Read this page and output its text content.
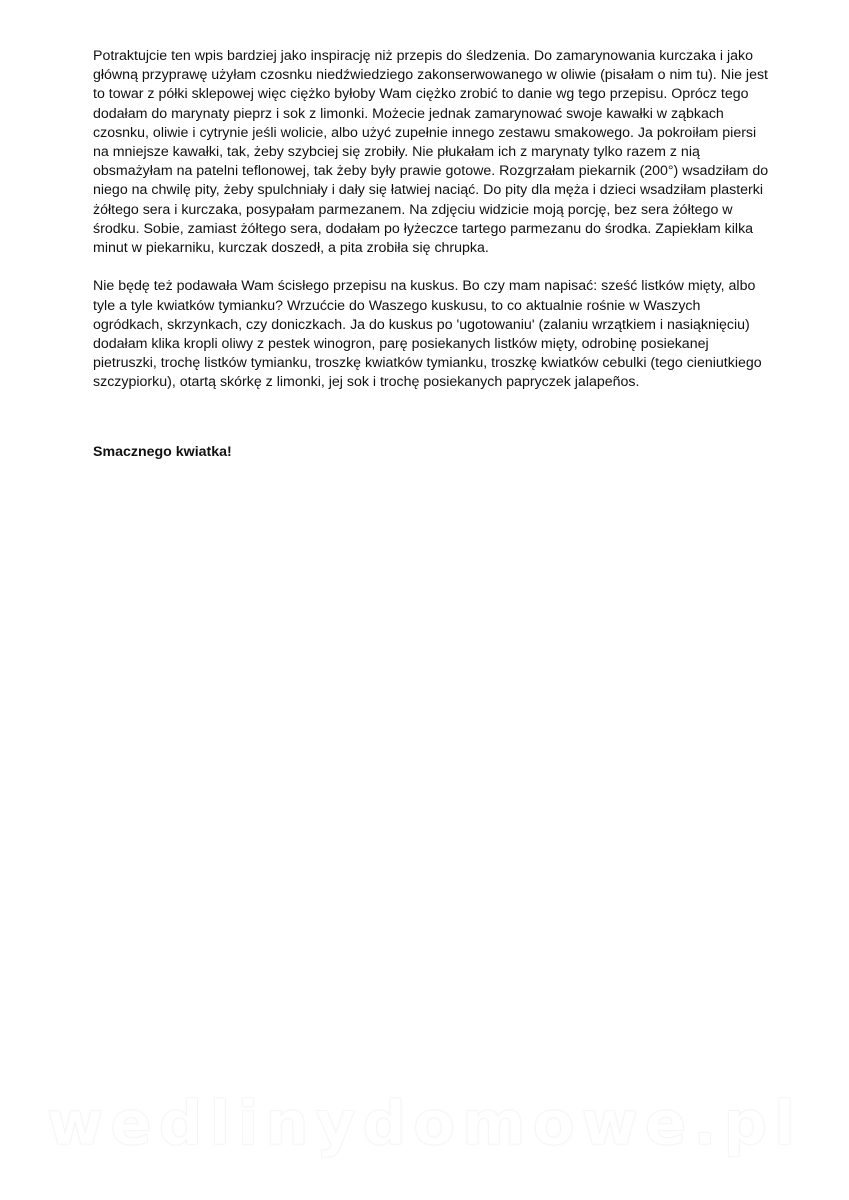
Potraktujcie ten wpis bardziej jako inspirację niż przepis do śledzenia. Do zamarynowania kurczaka i jako główną przyprawę użyłam czosnku niedźwiedziego zakonserwowanego w oliwie (pisałam o nim tu). Nie jest to towar z półki sklepowej więc ciężko byłoby Wam ciężko zrobić to danie wg tego przepisu. Oprócz tego dodałam do marynaty pieprz i sok z limonki. Możecie jednak zamarynować swoje kawałki w ząbkach czosnku, oliwie i cytrynie jeśli wolicie, albo użyć zupełnie innego zestawu smakowego. Ja pokroiłam piersi na mniejsze kawałki, tak, żeby szybciej się zrobiły. Nie płukałam ich z marynaty tylko razem z nią obsmażyłam na patelni teflonowej, tak żeby były prawie gotowe. Rozgrzałam piekarnik (200°) wsadziłam do niego na chwilę pity, żeby spulchniały i dały się łatwiej naciąć. Do pity dla męża i dzieci wsadziłam plasterki żółtego sera i kurczaka, posypałam parmezanem. Na zdjęciu widzicie moją porcję, bez sera żółtego w środku. Sobie, zamiast żółtego sera, dodałam po łyżeczce tartego parmezanu do środka. Zapiekłam kilka minut w piekarniku, kurczak doszedł, a pita zrobiła się chrupka.

Nie będę też podawała Wam ścisłego przepisu na kuskus. Bo czy mam napisać: sześć listków mięty, albo tyle a tyle kwiatków tymianku? Wrzućcie do Waszego kuskusu, to co aktualnie rośnie w Waszych ogródkach, skrzynkach, czy doniczkach. Ja do kuskus po 'ugotowaniu' (zalaniu wrzątkiem i nasiąknięciu) dodałam klika kropli oliwy z pestek winogron, parę posiekanych listków mięty, odrobinę posiekanej pietruszki, trochę listków tymianku, troszkę kwiatków tymianku, troszkę kwiatków cebulki (tego cieniutkiego szczypiorku), otartą skórkę z limonki, jej sok i trochę posiekanych papryczek jalapeños.

Smacznego kwiatka!

wedlinydomowe.pl
